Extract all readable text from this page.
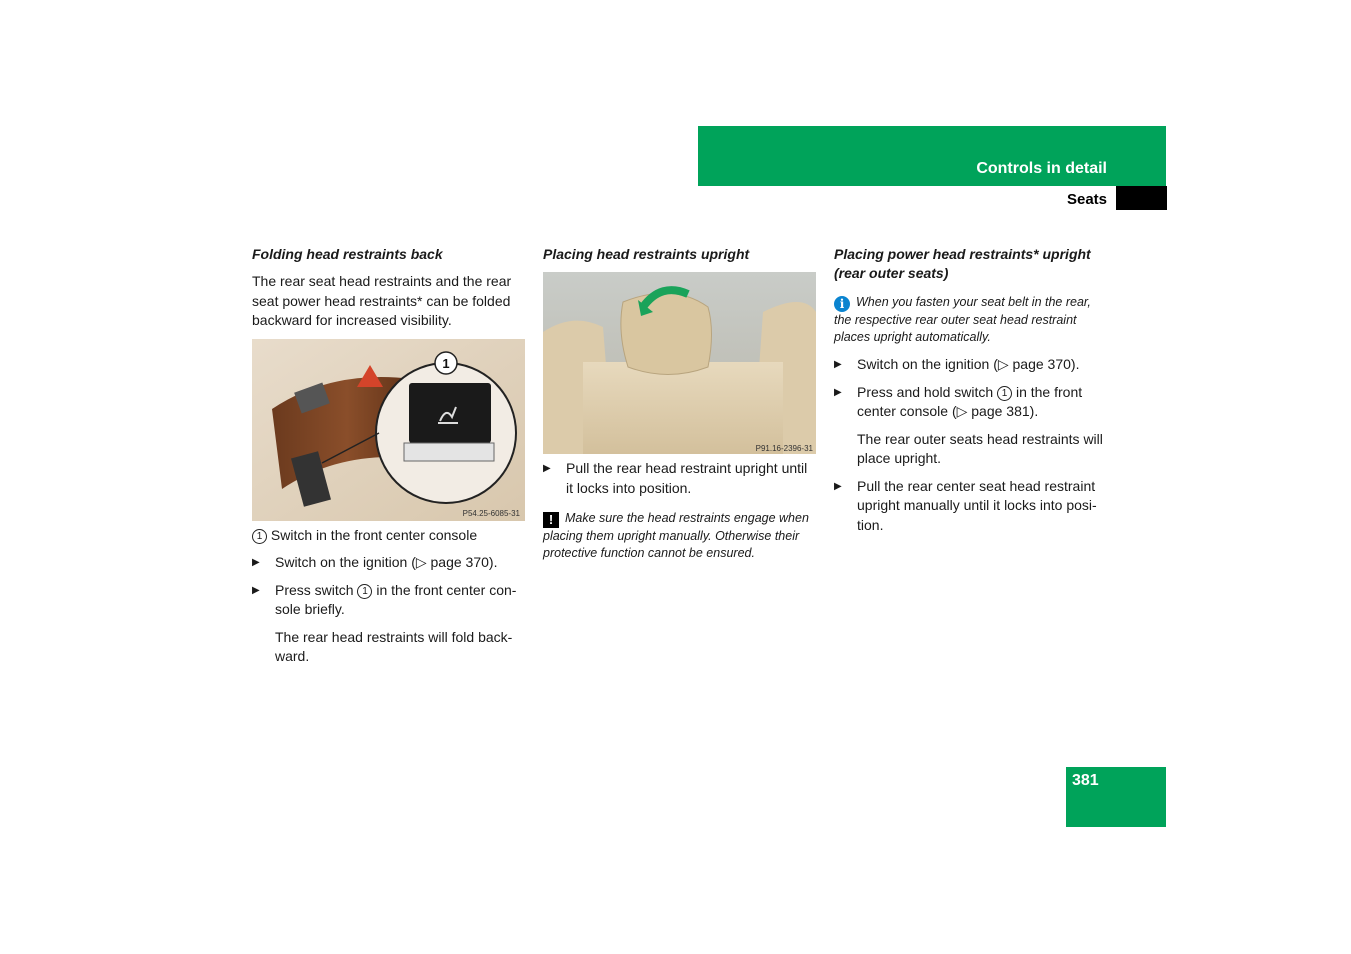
Controls in detail
Seats
381

Folding head restraints back

The rear seat head restraints and the rear seat power head restraints* can be folded backward for increased visibility.

1
P54.25-6085-31

1 Switch in the front center console

▶ Switch on the ignition (▷ page 370).
▶ Press switch 1 in the front center con-sole briefly.

The rear head restraints will fold back-ward.

Placing head restraints upright

P91.16-2396-31
▶ Pull the rear head restraint upright until it locks into position.

! Make sure the head restraints engage when placing them upright manually. Otherwise their protective function cannot be ensured.

Placing power head restraints* upright (rear outer seats)

i When you fasten your seat belt in the rear, the respective rear outer seat head restraint places upright automatically.

▶ Switch on the ignition (▷ page 370).
▶ Press and hold switch 1 in the front center console (▷ page 381).

The rear outer seats head restraints will place upright.

▶ Pull the rear center seat head restraint upright manually until it locks into posi-tion.
